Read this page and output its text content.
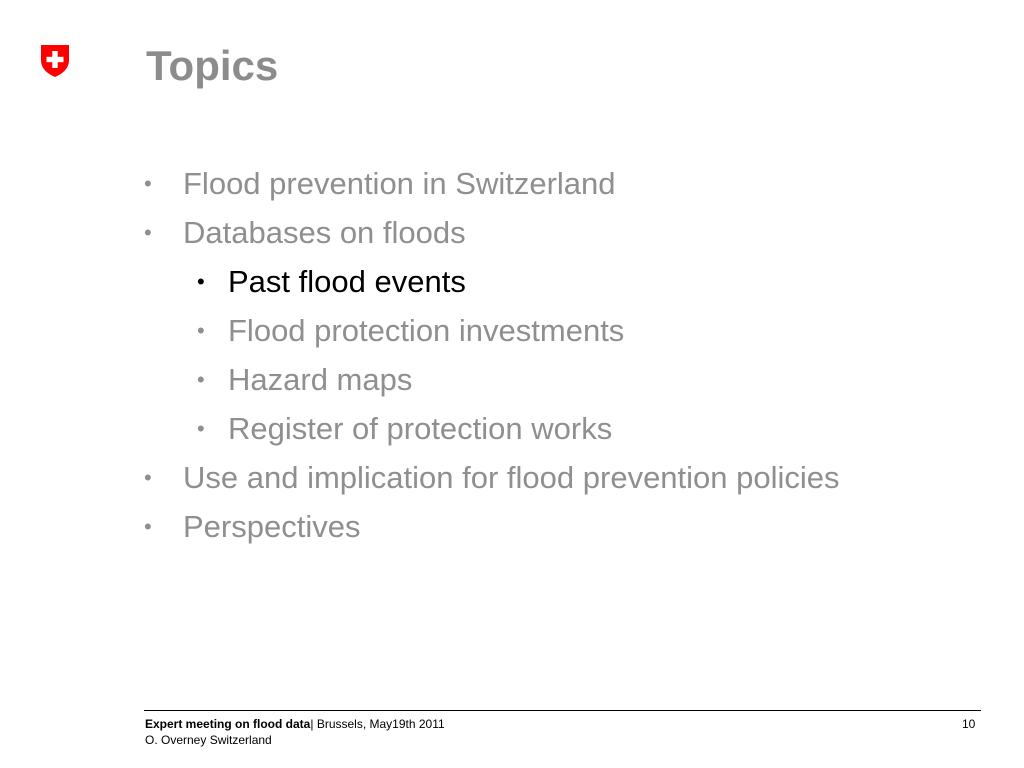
Topics
• Flood prevention in Switzerland
• Databases on floods
• Past flood events
• Flood protection investments
• Hazard maps
• Register of protection works
• Use and implication for flood prevention policies
• Perspectives
Expert meeting on flood data| Brussels, May19th 2011
O. Overney Switzerland
10
